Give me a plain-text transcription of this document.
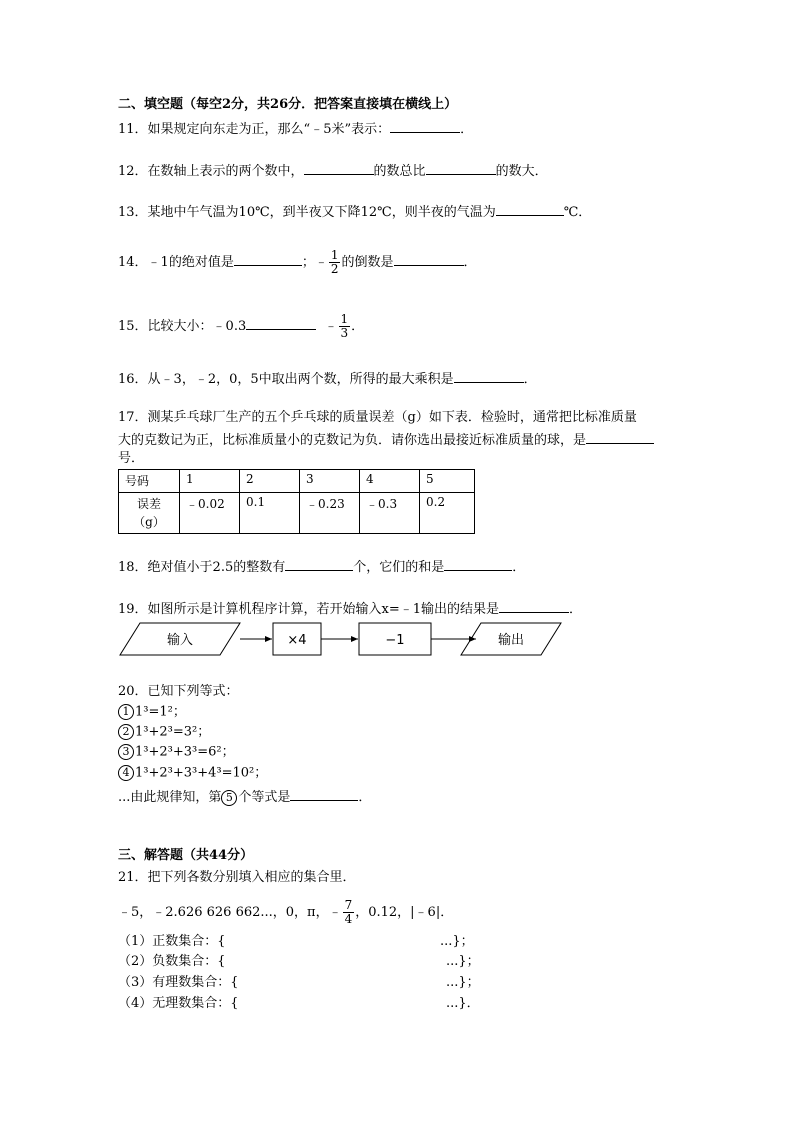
二、填空题（每空2分，共26分．把答案直接填在横线上）
11．如果规定向东走为正，那么“﹣5米”表示：	．
12．在数轴上表示的两个数中，	的数总比	的数大．
13．某地中午气温为10℃，到半夜又下降12℃，则半夜的气温为	℃．
14．﹣1的绝对值是	；﹣ $\frac{1}{2}$ 的倒数是	．
15．比较大小：﹣0.3	﹣ $\frac{1}{3}$ ．
16．从﹣3，﹣2，0，5中取出两个数，所得的最大乘积是	．
17．测某乒乓球厂生产的五个乒乓球的质量误差（g）如下表．检验时，通常把比标准质量
大的克数记为正，比标准质量小的克数记为负．请你选出最接近标准质量的球，是
号．
号码	1	2	3	4	5
误差
（g）	﹣0.02	0.1	﹣0.23	﹣0.3	0.2
18．绝对值小于2.5的整数有	个，它们的和是	．
19．如图所示是计算机程序计算，若开始输入x=﹣1输出的结果是	．
输入	×4	−1	输出
20．已知下列等式：
1 1³=1²；
2 1³+2³=3²；
3 1³+2³+3³=6²；
4 1³+2³+3³+4³=10²；
...由此规律知，第 5 个等式是	．
三、解答题（共44分）
21．把下列各数分别填入相应的集合里．
﹣5，﹣2.626 626 662...，0，π，﹣ $\frac{7}{4}$ ，0.12，|﹣6|．
（1）正数集合：{	...}；
（2）负数集合：{	...}；
（3）有理数集合：{	...}；
（4）无理数集合：{	...}．
